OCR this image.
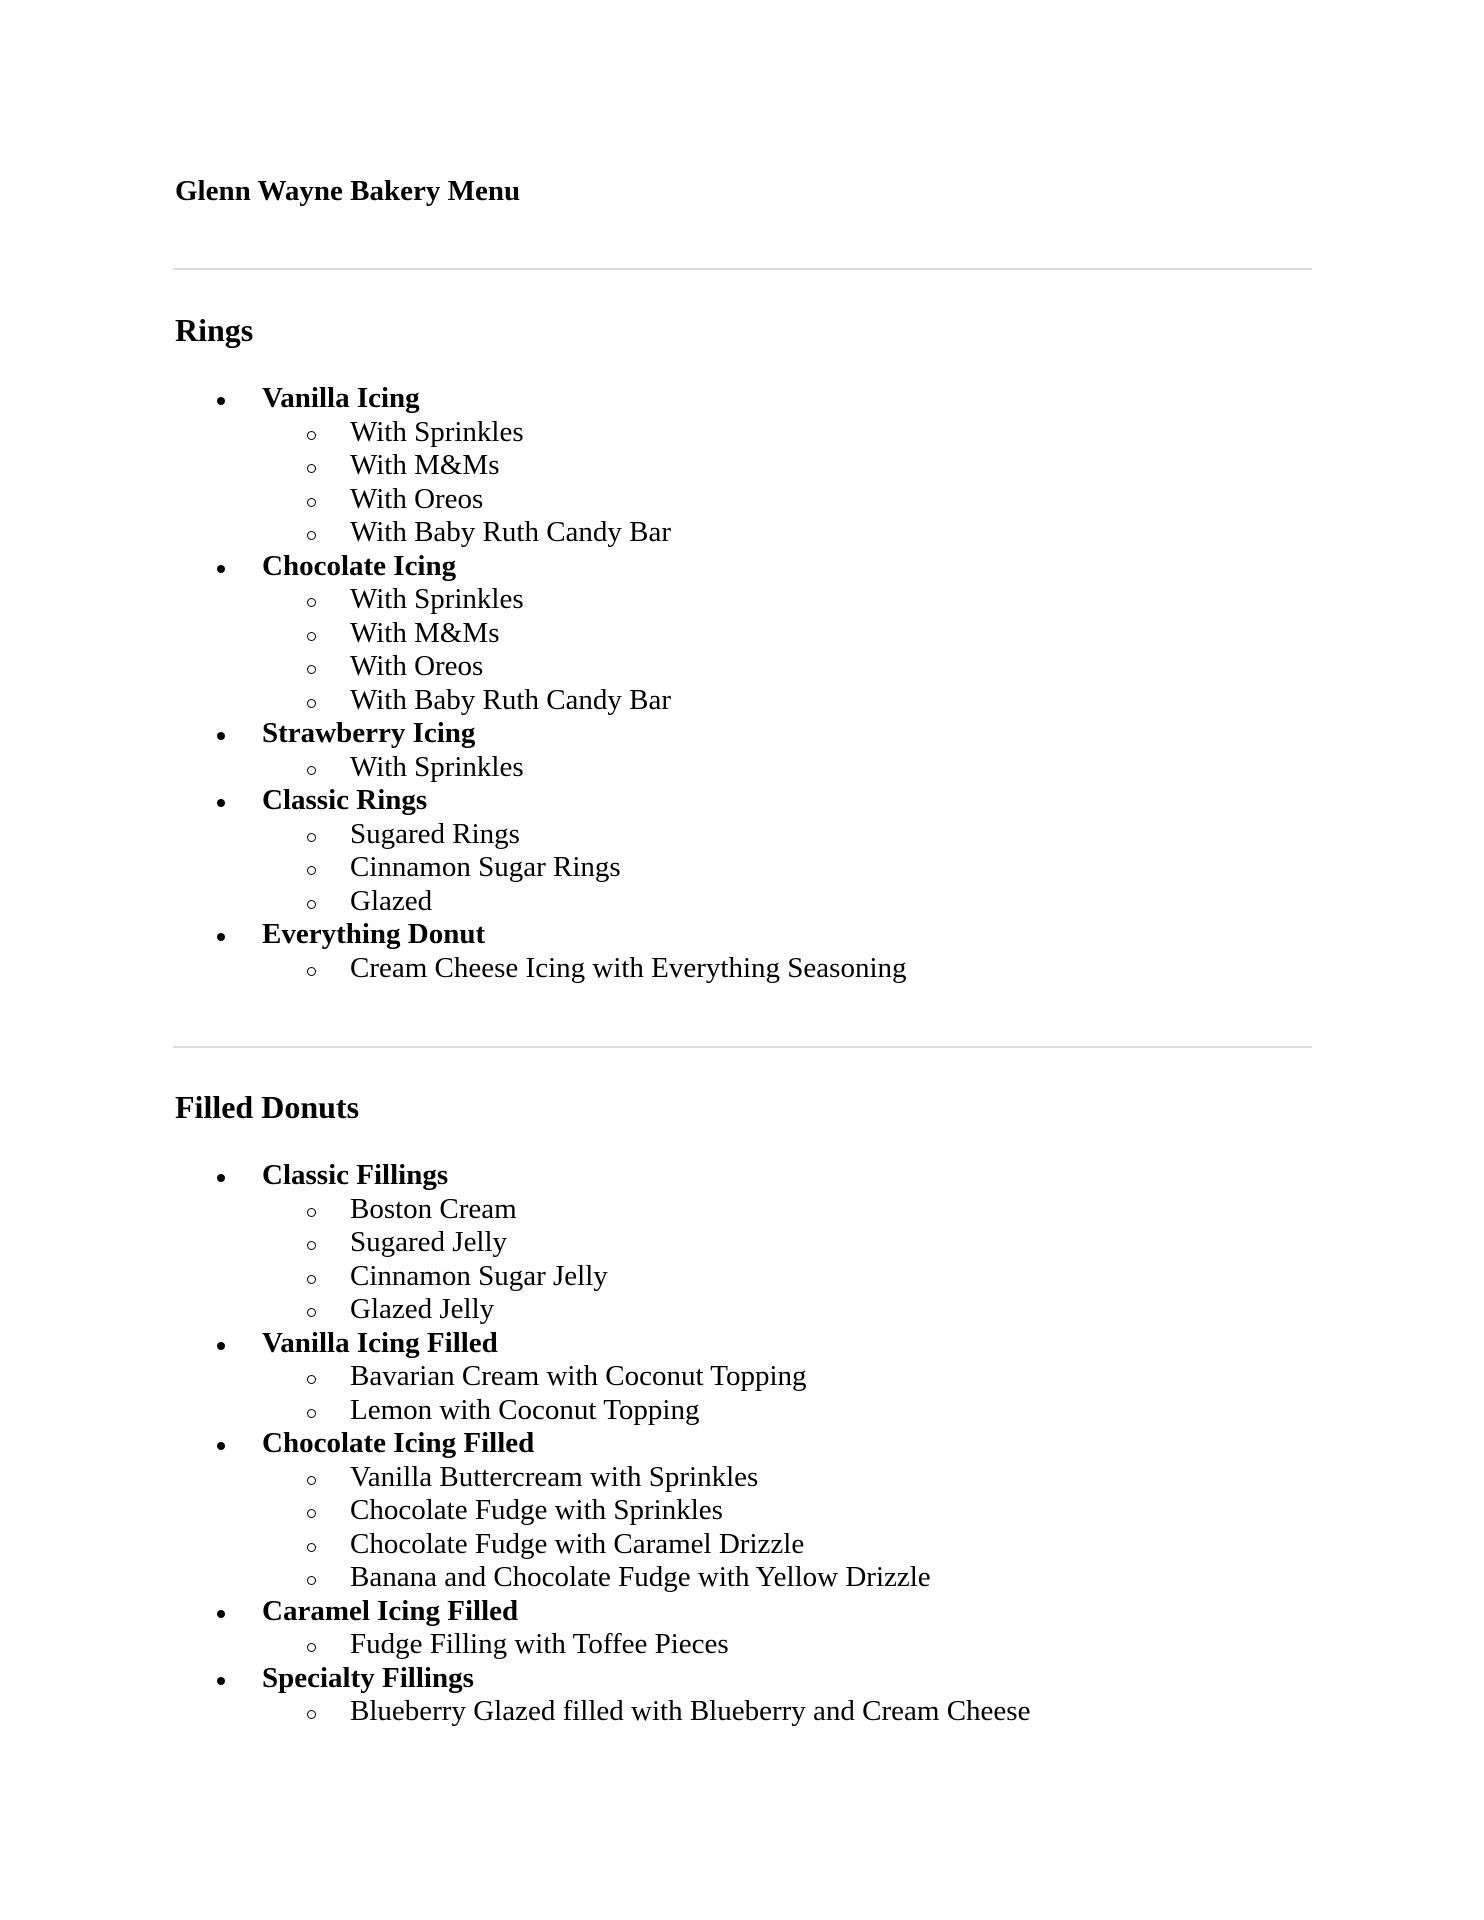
Glenn Wayne Bakery Menu
Rings
Vanilla Icing
With Sprinkles
With M&Ms
With Oreos
With Baby Ruth Candy Bar
Chocolate Icing
With Sprinkles
With M&Ms
With Oreos
With Baby Ruth Candy Bar
Strawberry Icing
With Sprinkles
Classic Rings
Sugared Rings
Cinnamon Sugar Rings
Glazed
Everything Donut
Cream Cheese Icing with Everything Seasoning
Filled Donuts
Classic Fillings
Boston Cream
Sugared Jelly
Cinnamon Sugar Jelly
Glazed Jelly
Vanilla Icing Filled
Bavarian Cream with Coconut Topping
Lemon with Coconut Topping
Chocolate Icing Filled
Vanilla Buttercream with Sprinkles
Chocolate Fudge with Sprinkles
Chocolate Fudge with Caramel Drizzle
Banana and Chocolate Fudge with Yellow Drizzle
Caramel Icing Filled
Fudge Filling with Toffee Pieces
Specialty Fillings
Blueberry Glazed filled with Blueberry and Cream Cheese
